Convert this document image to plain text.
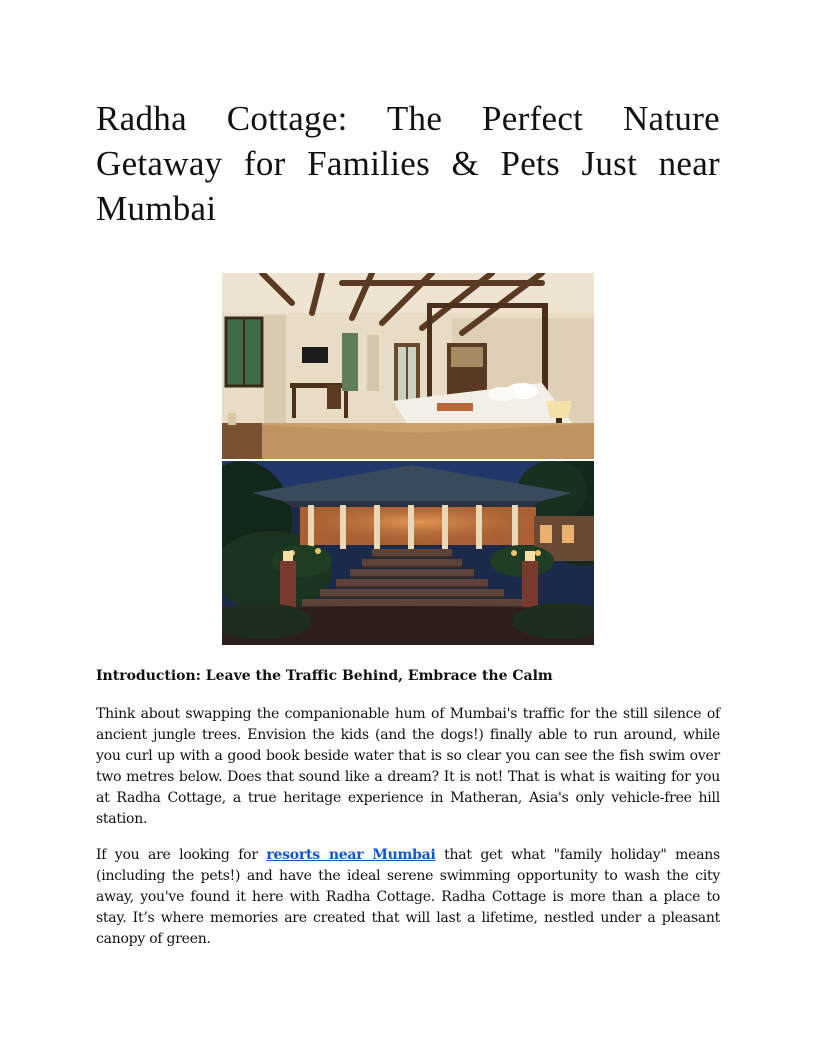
Radha Cottage: The Perfect Nature Getaway for Families & Pets Just near Mumbai
Introduction: Leave the Traffic Behind, Embrace the Calm

Think about swapping the companionable hum of Mumbai's traffic for the still silence of ancient jungle trees. Envision the kids (and the dogs!) finally able to run around, while you curl up with a good book beside water that is so clear you can see the fish swim over two metres below. Does that sound like a dream? It is not! That is what is waiting for you at Radha Cottage, a true heritage experience in Matheran, Asia's only vehicle-free hill station.

If you are looking for resorts near Mumbai that get what "family holiday" means (including the pets!) and have the ideal serene swimming opportunity to wash the city away, you've found it here with Radha Cottage. Radha Cottage is more than a place to stay. It’s where memories are created that will last a lifetime, nestled under a pleasant canopy of green.
